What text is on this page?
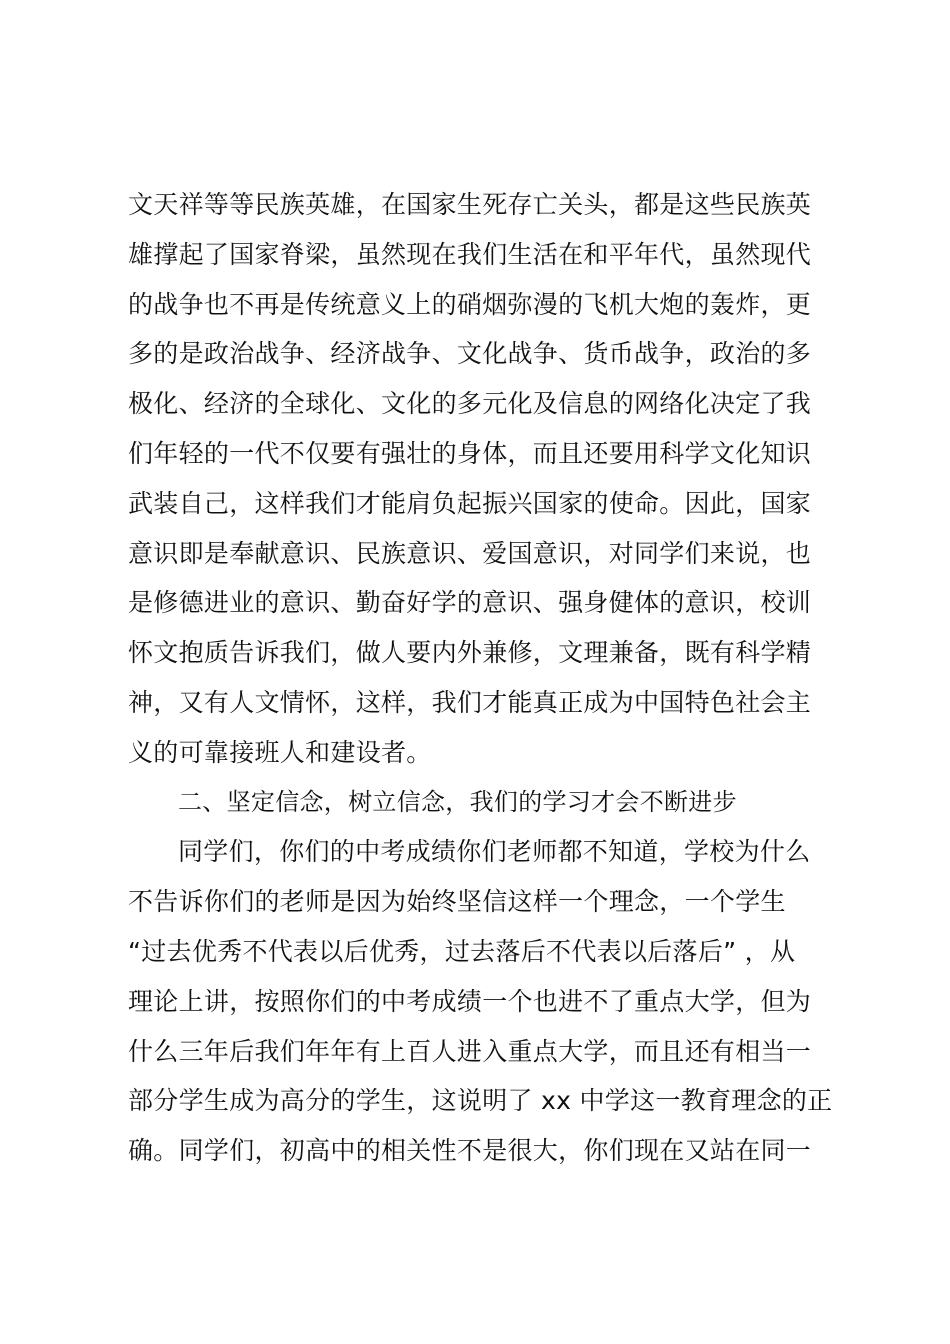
文天祥等等民族英雄，在国家生死存亡关头，都是这些民族英
雄撑起了国家脊梁，虽然现在我们生活在和平年代，虽然现代
的战争也不再是传统意义上的硝烟弥漫的飞机大炮的轰炸，更
多的是政治战争、经济战争、文化战争、货币战争，政治的多
极化、经济的全球化、文化的多元化及信息的网络化决定了我
们年轻的一代不仅要有强壮的身体，而且还要用科学文化知识
武装自己，这样我们才能肩负起振兴国家的使命。因此，国家
意识即是奉献意识、民族意识、爱国意识，对同学们来说，也
是修德进业的意识、勤奋好学的意识、强身健体的意识，校训
怀文抱质告诉我们，做人要内外兼修，文理兼备，既有科学精
神，又有人文情怀，这样，我们才能真正成为中国特色社会主
义的可靠接班人和建设者。
二、坚定信念，树立信念，我们的学习才会不断进步
同学们，你们的中考成绩你们老师都不知道，学校为什么
不告诉你们的老师是因为始终坚信这样一个理念，一个学生
“过去优秀不代表以后优秀，过去落后不代表以后落后” ，从
理论上讲，按照你们的中考成绩一个也进不了重点大学，但为
什么三年后我们年年有上百人进入重点大学，而且还有相当一
部分学生成为高分的学生，这说明了 xx 中学这一教育理念的正
确。同学们，初高中的相关性不是很大，你们现在又站在同一
